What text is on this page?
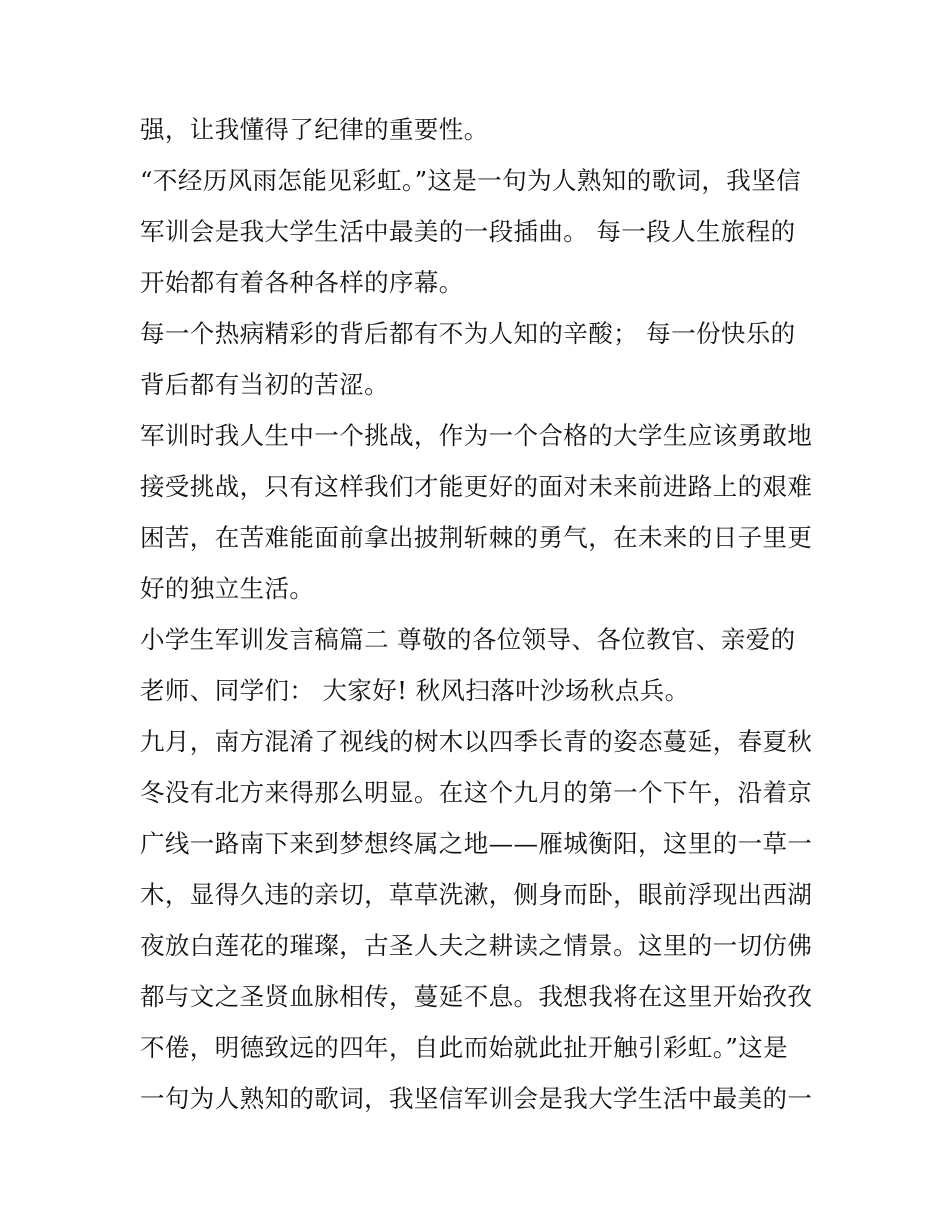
强，让我懂得了纪律的重要性。
“不经历风雨怎能见彩虹。”这是一句为人熟知的歌词，我坚信
军训会是我大学生活中最美的一段插曲。 每一段人生旅程的
开始都有着各种各样的序幕。
每一个热病精彩的背后都有不为人知的辛酸； 每一份快乐的
背后都有当初的苦涩。
军训时我人生中一个挑战，作为一个合格的大学生应该勇敢地
接受挑战，只有这样我们才能更好的面对未来前进路上的艰难
困苦，在苦难能面前拿出披荆斩棘的勇气，在未来的日子里更
好的独立生活。
小学生军训发言稿篇二 尊敬的各位领导、各位教官、亲爱的
老师、同学们： 大家好! 秋风扫落叶沙场秋点兵。
九月，南方混淆了视线的树木以四季长青的姿态蔓延，春夏秋
冬没有北方来得那么明显。在这个九月的第一个下午，沿着京
广线一路南下来到梦想终属之地——雁城衡阳，这里的一草一
木，显得久违的亲切，草草洗漱，侧身而卧，眼前浮现出西湖
夜放白莲花的璀璨，古圣人夫之耕读之情景。这里的一切仿佛
都与文之圣贤血脉相传，蔓延不息。我想我将在这里开始孜孜
不倦，明德致远的四年，自此而始就此扯开触引彩虹。”这是
一句为人熟知的歌词，我坚信军训会是我大学生活中最美的一
